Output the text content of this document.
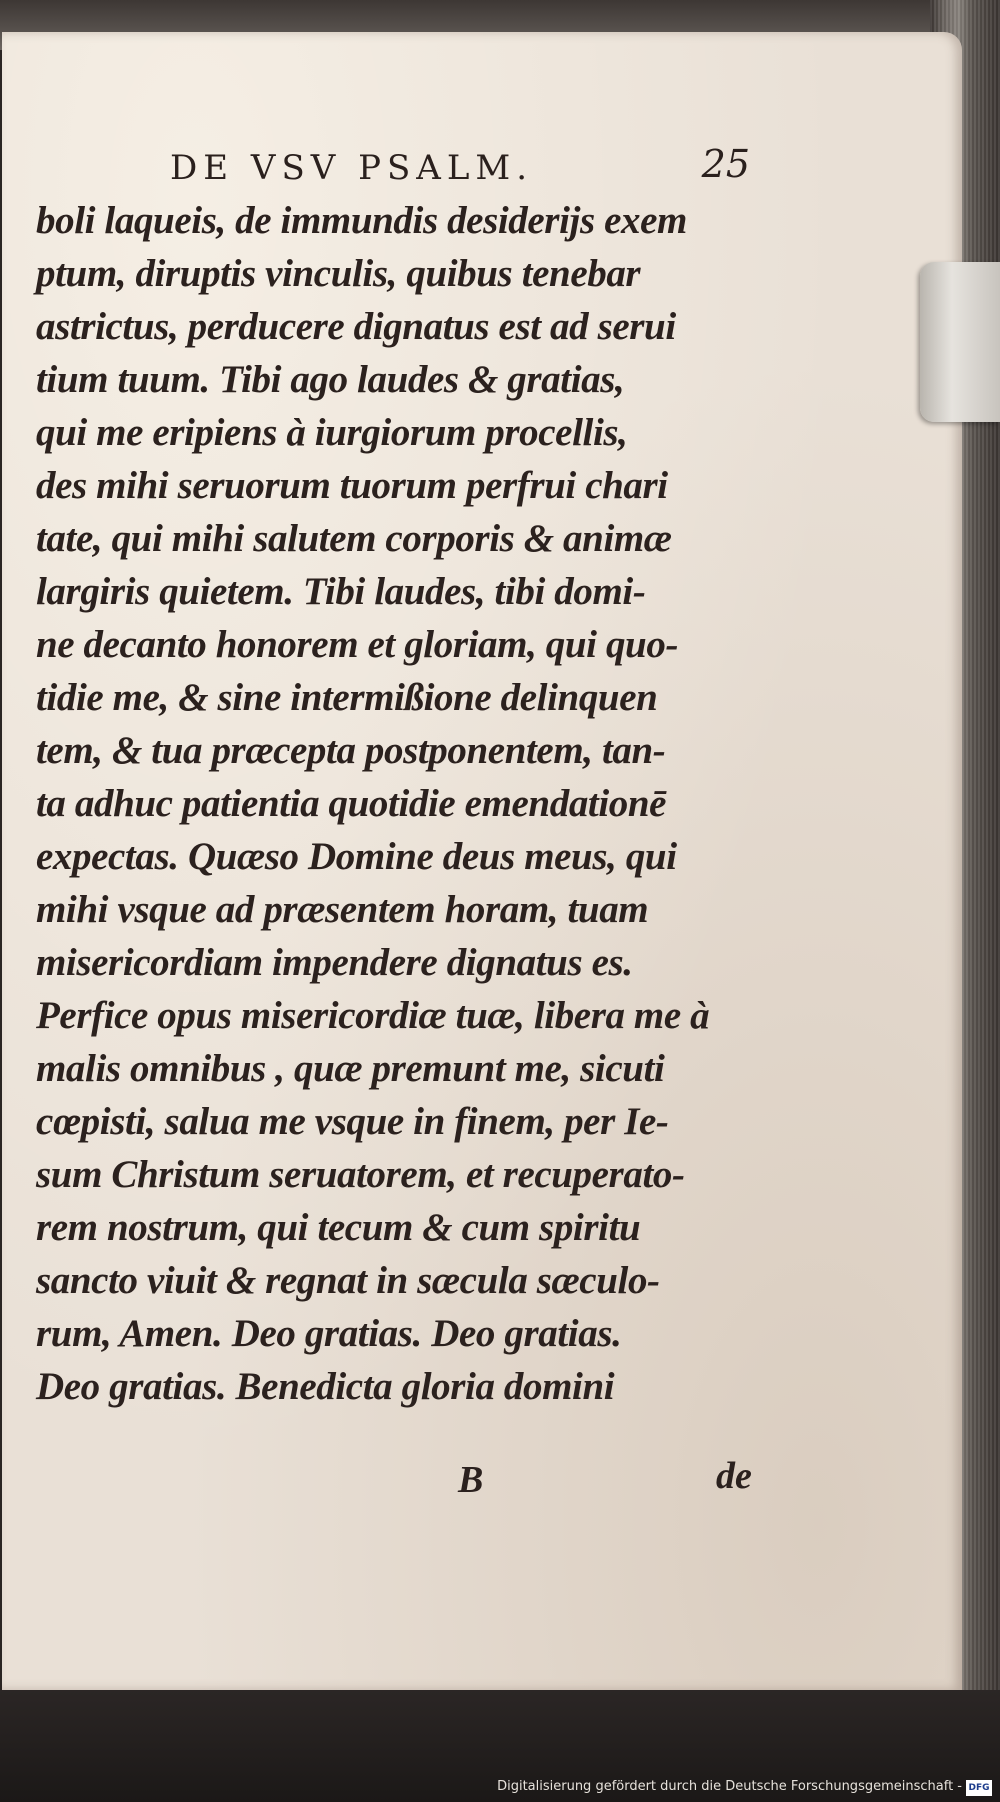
DE VSV PSALM.	25
boli laqueis, de immundis desiderijs exem
ptum, diruptis vinculis, quibus tenebar
astrictus, perducere dignatus est ad serui
tium tuum. Tibi ago laudes & gratias,
qui me eripiens à iurgiorum procellis,
des mihi seruorum tuorum perfrui chari
tate, qui mihi salutem corporis & animæ
largiris quietem. Tibi laudes, tibi domi-
ne decanto honorem et gloriam, qui quo-
tidie me, & sine intermißione delinquen
tem, & tua præcepta postponentem, tan-
ta adhuc patientia quotidie emendationē
expectas. Quæso Domine deus meus, qui
mihi vsque ad præsentem horam, tuam
misericordiam impendere dignatus es.
Perfice opus misericordiæ tuæ, libera me à
malis omnibus , quæ premunt me, sicuti
cœpisti, salua me vsque in finem, per Ie-
sum Christum seruatorem, et recuperato-
rem nostrum, qui tecum & cum spiritu
sancto viuit & regnat in sæcula sæculo-
rum, Amen. Deo gratias. Deo gratias.
Deo gratias. Benedicta gloria domini
B	de
Digitalisierung gefördert durch die Deutsche Forschungsgemeinschaft - DFG
